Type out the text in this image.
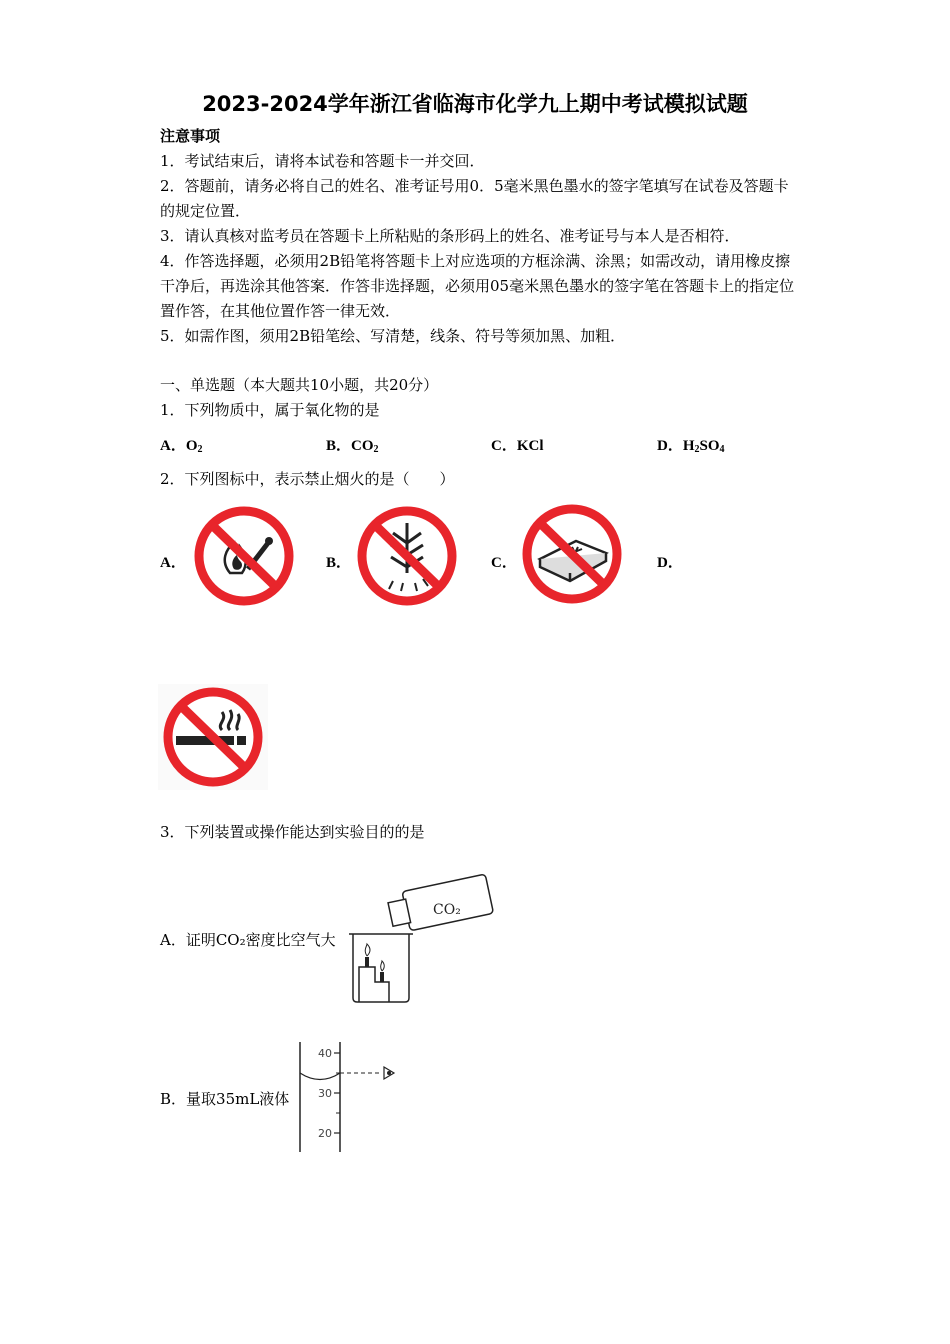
2023-2024学年浙江省临海市化学九上期中考试模拟试题
注意事项
1．考试结束后，请将本试卷和答题卡一并交回．
2．答题前，请务必将自己的姓名、准考证号用0．5毫米黑色墨水的签字笔填写在试卷及答题卡的规定位置．
3．请认真核对监考员在答题卡上所粘贴的条形码上的姓名、准考证号与本人是否相符．
4．作答选择题，必须用2B铅笔将答题卡上对应选项的方框涂满、涂黑；如需改动，请用橡皮擦干净后，再选涂其他答案．作答非选择题，必须用05毫米黑色墨水的签字笔在答题卡上的指定位置作答，在其他位置作答一律无效．
5．如需作图，须用2B铅笔绘、写清楚，线条、符号等须加黑、加粗．
一、单选题（本大题共10小题，共20分）
1．下列物质中，属于氧化物的是
A．$O_2$	B．$CO_2$	C．KCl	D．$H_2SO_4$
2．下列图标中，表示禁止烟火的是（　　）
A．	B．	C．	D．
3．下列装置或操作能达到实验目的的是
A．证明CO₂密度比空气大
CO₂
B．量取35mL液体
40
30
20
